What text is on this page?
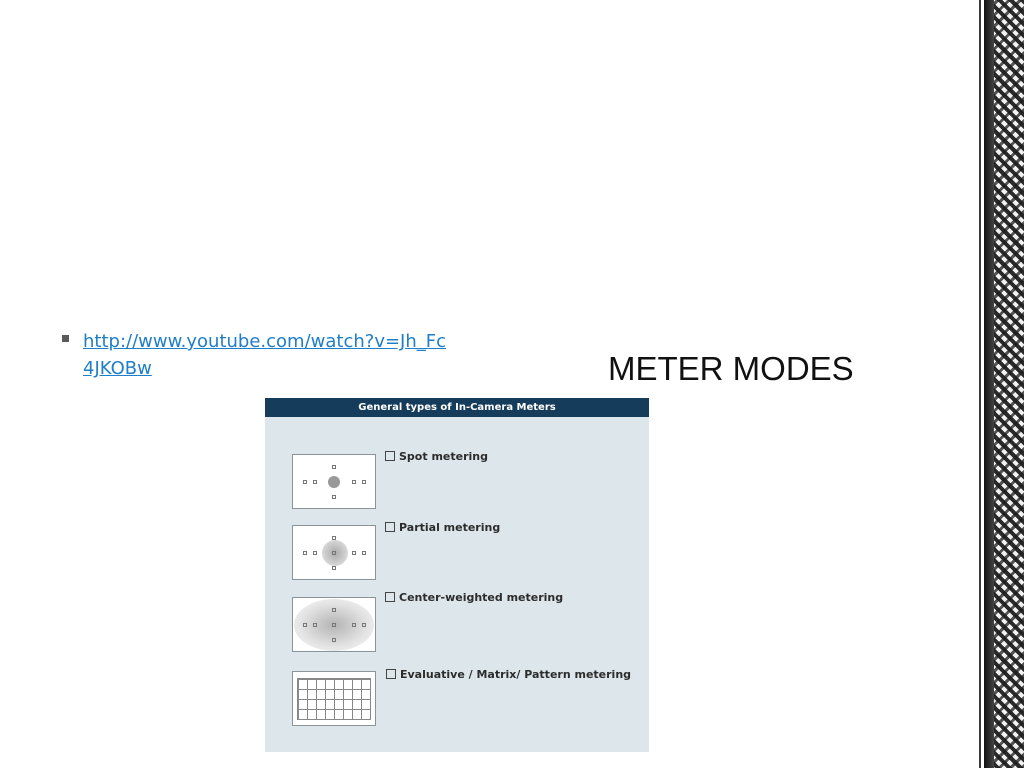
http://www.youtube.com/watch?v=Jh_Fc4JKOBw	METER MODES
General types of In-Camera Meters
Spot metering
Partial metering
Center-weighted metering
Evaluative / Matrix/ Pattern metering
